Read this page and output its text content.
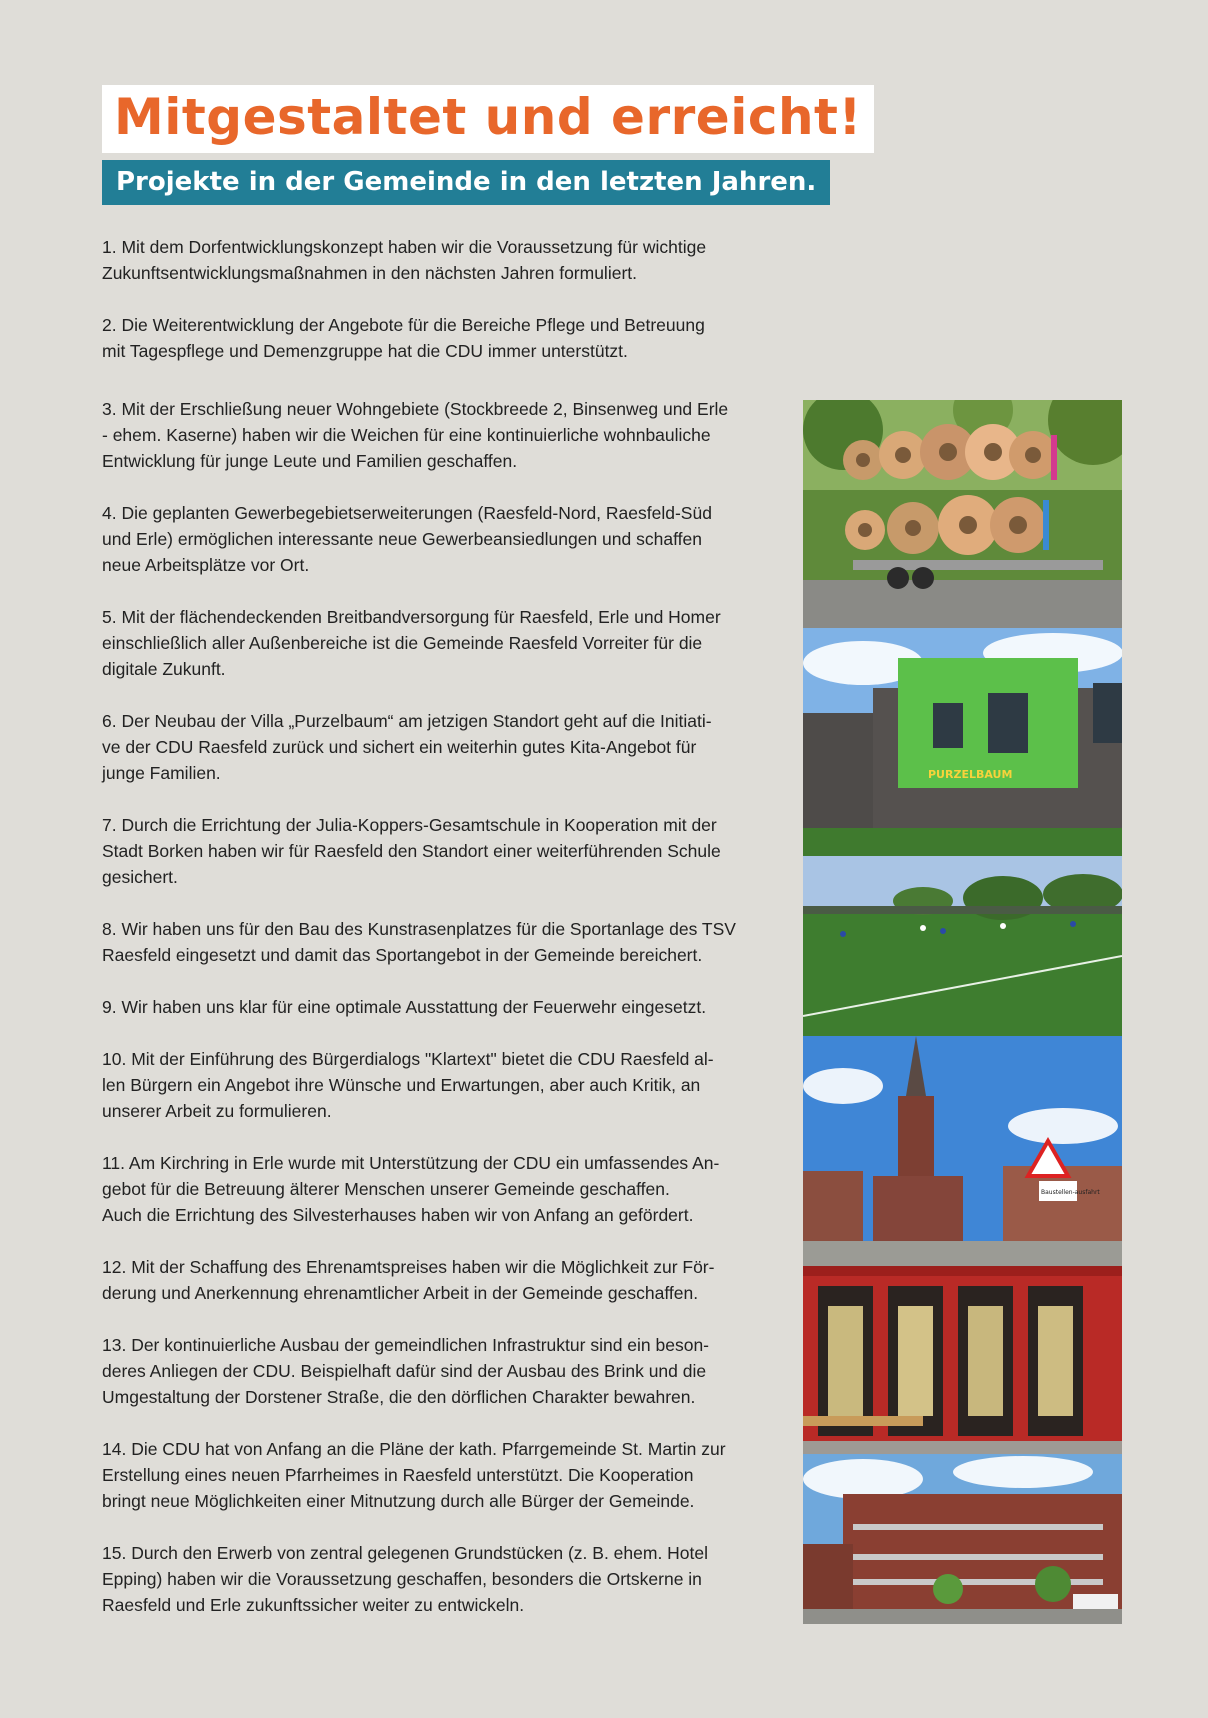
Mitgestaltet und erreicht!
Projekte in der Gemeinde in den letzten Jahren.

1. Mit dem Dorfentwicklungskonzept haben wir die Voraussetzung für wichtige
Zukunftsentwicklungsmaßnahmen in den nächsten Jahren formuliert.

2. Die Weiterentwicklung der Angebote für die Bereiche Pflege und Betreuung
mit Tagespflege und Demenzgruppe hat die CDU immer unterstützt.

3. Mit der Erschließung neuer Wohngebiete (Stockbreede 2, Binsenweg und Erle
- ehem. Kaserne) haben wir die Weichen für eine kontinuierliche wohnbauliche
Entwicklung für junge Leute und Familien geschaffen.

4. Die geplanten Gewerbegebietserweiterungen (Raesfeld-Nord, Raesfeld-Süd
und Erle) ermöglichen interessante neue Gewerbeansiedlungen und schaffen
neue Arbeitsplätze vor Ort.

5. Mit der flächendeckenden Breitbandversorgung für Raesfeld, Erle und Homer
einschließlich aller Außenbereiche ist die Gemeinde Raesfeld Vorreiter für die
digitale Zukunft.

6. Der Neubau der Villa „Purzelbaum“ am jetzigen Standort geht auf die Initiati-
ve der CDU Raesfeld zurück und sichert ein weiterhin gutes Kita-Angebot für
junge Familien.

7. Durch die Errichtung der Julia-Koppers-Gesamtschule in Kooperation mit der
Stadt Borken haben wir für Raesfeld den Standort einer weiterführenden Schule
gesichert.

8. Wir haben uns für den Bau des Kunstrasenplatzes für die Sportanlage des TSV
Raesfeld eingesetzt und damit das Sportangebot in der Gemeinde bereichert.

9. Wir haben uns klar für eine optimale Ausstattung der Feuerwehr eingesetzt.

10. Mit der Einführung des Bürgerdialogs "Klartext" bietet die CDU Raesfeld al-
len Bürgern ein Angebot ihre Wünsche und Erwartungen, aber auch Kritik, an
unserer Arbeit zu formulieren.

11. Am Kirchring in Erle wurde mit Unterstützung der CDU ein umfassendes An-
gebot für die Betreuung älterer Menschen unserer Gemeinde geschaffen.
Auch die Errichtung des Silvesterhauses haben wir von Anfang an gefördert.

12. Mit der Schaffung des Ehrenamtspreises haben wir die Möglichkeit zur För-
derung und Anerkennung ehrenamtlicher Arbeit in der Gemeinde geschaffen.

13. Der kontinuierliche Ausbau der gemeindlichen Infrastruktur sind ein beson-
deres Anliegen der CDU. Beispielhaft dafür sind der Ausbau des Brink und die
Umgestaltung der Dorstener Straße, die den dörflichen Charakter bewahren.

14. Die CDU hat von Anfang an die Pläne der kath. Pfarrgemeinde St. Martin zur
Erstellung eines neuen Pfarrheimes in Raesfeld unterstützt. Die Kooperation
bringt neue Möglichkeiten einer Mitnutzung durch alle Bürger der Gemeinde.

15. Durch den Erwerb von zentral gelegenen Grundstücken (z. B. ehem. Hotel
Epping) haben wir die Voraussetzung geschaffen, besonders die Ortskerne in
Raesfeld und Erle zukunftssicher weiter zu entwickeln.

PURZELBAUM
Baustellen-ausfahrt
